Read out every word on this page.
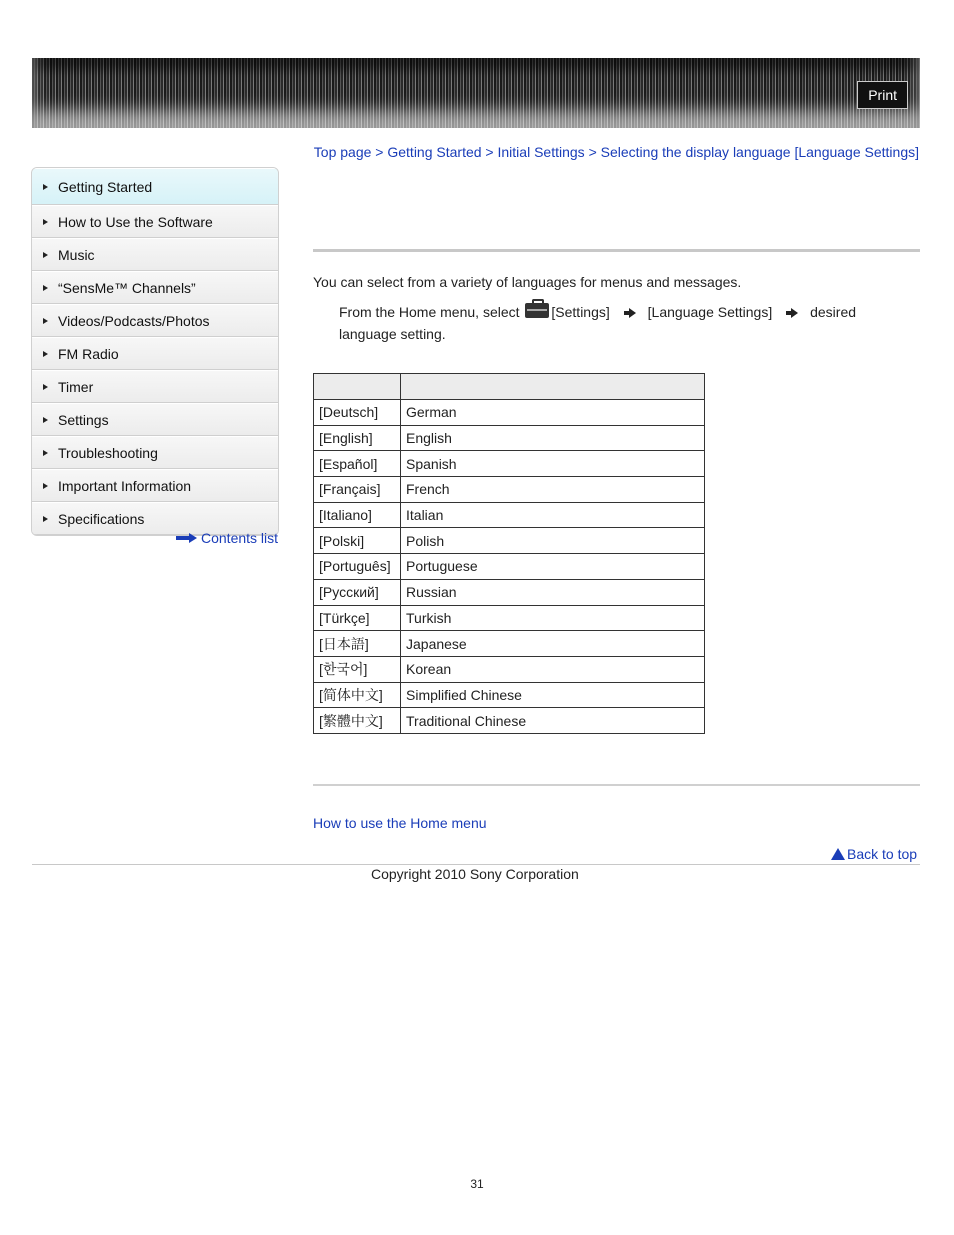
Print
Getting Started
How to Use the Software
Music
“SensMe™ Channels”
Videos/Podcasts/Photos
FM Radio
Timer
Settings
Troubleshooting
Important Information
Specifications
Contents list
Top page > Getting Started > Initial Settings > Selecting the display language [Language Settings]
You can select from a variety of languages for menus and messages.
From the Home menu, select [Settings]	[Language Settings]	desired language setting.

[Deutsch]	German
[English]	English
[Español]	Spanish
[Français]	French
[Italiano]	Italian
[Polski]	Polish
[Português]	Portuguese
[Русский]	Russian
[Türkçe]	Turkish
[日本語]	Japanese
[한국어]	Korean
[简体中文]	Simplified Chinese
[繁體中文]	Traditional Chinese
How to use the Home menu
Back to top
Copyright 2010 Sony Corporation
31
